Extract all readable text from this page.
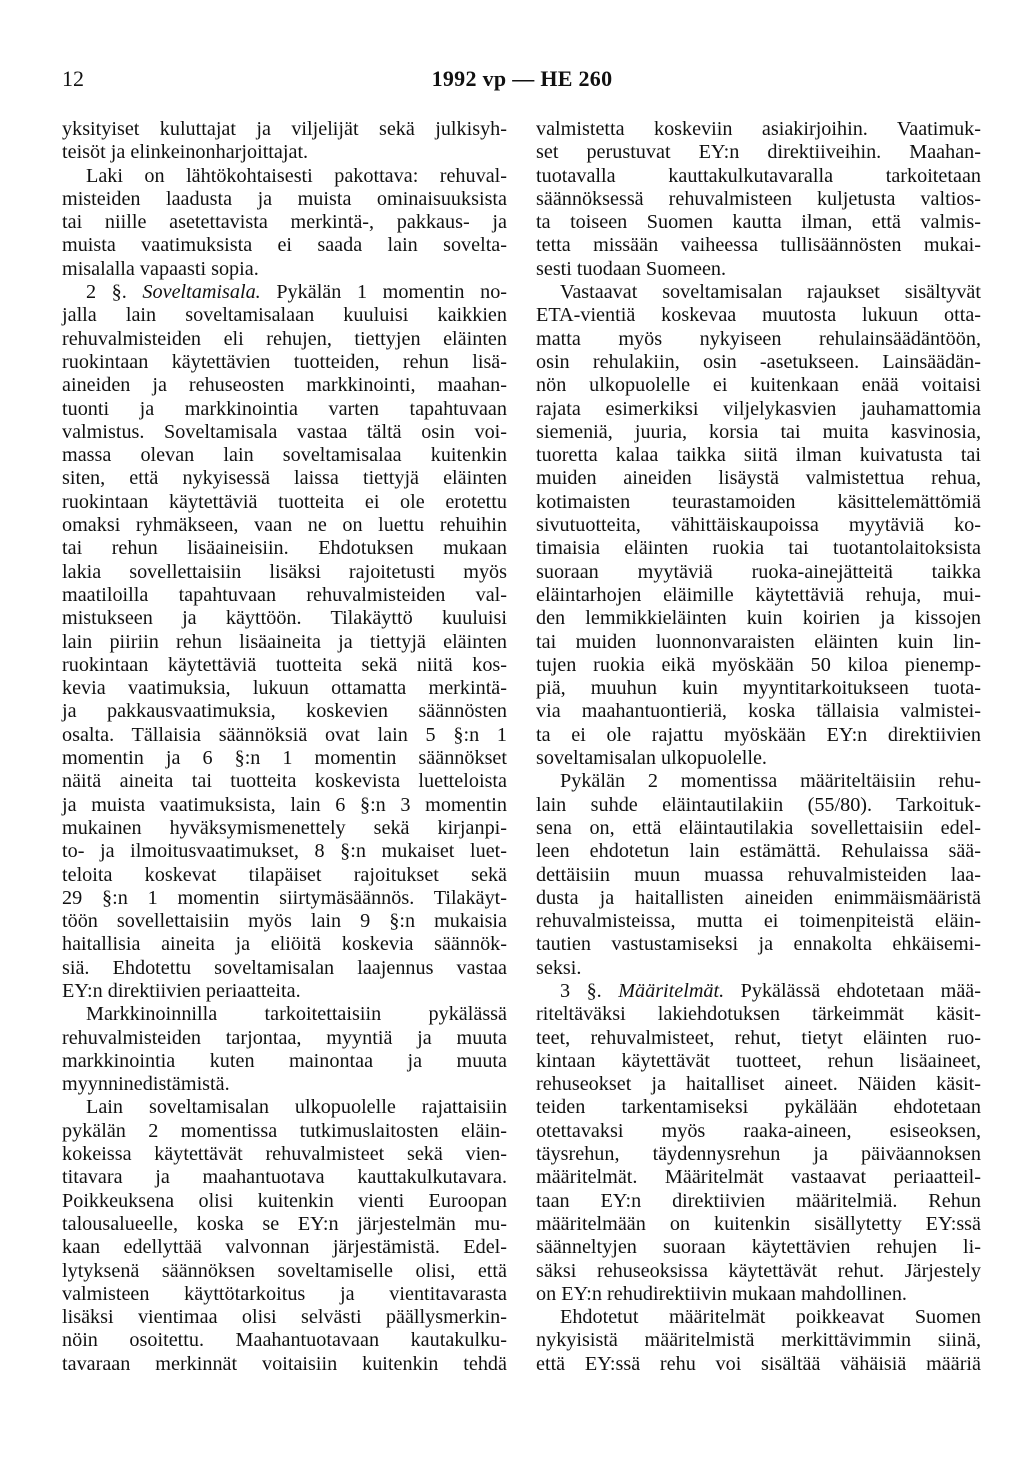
12	1992 vp — HE 260
yksityiset kuluttajat ja viljelijät sekä julkisyh-
teisöt ja elinkeinonharjoittajat.
Laki on lähtökohtaisesti pakottava: rehuval-
misteiden laadusta ja muista ominaisuuksista
tai niille asetettavista merkintä-, pakkaus- ja
muista vaatimuksista ei saada lain soveltа-
misalalla vapaasti sopia.
2 §. Soveltamisala. Pykälän 1 momentin no-
jalla lain soveltamisalaan kuuluisi kaikkien
rehuvalmisteiden eli rehujen, tiettyjen eläinten
ruokintaan käytettävien tuotteiden, rehun lisä-
aineiden ja rehuseosten markkinointi, maahan-
tuonti ja markkinointia varten tapahtuvaan
valmistus. Soveltamisala vastaa tältä osin voi-
massa olevan lain soveltamisalaa kuitenkin
siten, että nykyisessä laissa tiettyjä eläinten
ruokintaan käytettäviä tuotteita ei ole erotettu
omaksi ryhmäkseen, vaan ne on luettu rehuihin
tai rehun lisäaineisiin. Ehdotuksen mukaan
lakia sovellettaisiin lisäksi rajoitetusti myös
maatiloilla tapahtuvaan rehuvalmisteiden val-
mistukseen ja käyttöön. Tilakäyttö kuuluisi
lain piiriin rehun lisäaineita ja tiettyjä eläinten
ruokintaan käytettäviä tuotteita sekä niitä kos-
kevia vaatimuksia, lukuun ottamatta merkintä-
ja pakkausvaatimuksia, koskevien säännösten
osalta. Tällaisia säännöksiä ovat lain 5 §:n 1
momentin ja 6 §:n 1 momentin säännökset
näitä aineita tai tuotteita koskevista luetteloista
ja muista vaatimuksista, lain 6 §:n 3 momentin
mukainen hyväksymismenettely sekä kirjanpi-
to- ja ilmoitusvaatimukset, 8 §:n mukaiset luet-
teloita koskevat tilapäiset rajoitukset sekä
29 §:n 1 momentin siirtymäsäännös. Tilakäyt-
töön sovellettaisiin myös lain 9 §:n mukaisia
haitallisia aineita ja eliöitä koskevia säännök-
siä. Ehdotettu soveltamisalan laajennus vastaa
EY:n direktiivien periaatteita.
Markkinoinnilla tarkoitettaisiin pykälässä
rehuvalmisteiden tarjontaa, myyntiä ja muuta
markkinointia kuten mainontaa ja muuta
myynninedistämistä.
Lain soveltamisalan ulkopuolelle rajattaisiin
pykälän 2 momentissa tutkimuslaitosten eläin-
kokeissa käytettävät rehuvalmisteet sekä vien-
titavara ja maahantuotava kauttakulkutavara.
Poikkeuksena olisi kuitenkin vienti Euroopan
talousalueelle, koska se EY:n järjestelmän mu-
kaan edellyttää valvonnan järjestämistä. Edel-
lytyksenä säännöksen soveltamiselle olisi, että
valmisteen käyttötarkoitus ja vientitavarasta
lisäksi vientimaa olisi selvästi päällysmerkin-
nöin osoitettu. Maahantuotavaan kautakulku-
tavaraan merkinnät voitaisiin kuitenkin tehdä
valmistetta koskeviin asiakirjoihin. Vaatimuk-
set perustuvat EY:n direktiiveihin. Maahan-
tuotavalla kauttakulkutavaralla tarkoitetaan
säännöksessä rehuvalmisteen kuljetusta valtios-
ta toiseen Suomen kautta ilman, että valmis-
tetta missään vaiheessa tullisäännösten mukai-
sesti tuodaan Suomeen.
Vastaavat soveltamisalan rajaukset sisältyvät
ETA-vientiä koskevaa muutosta lukuun otta-
matta myös nykyiseen rehulainsäädäntöön,
osin rehulakiin, osin -asetukseen. Lainsäädän-
nön ulkopuolelle ei kuitenkaan enää voitaisi
rajata esimerkiksi viljelykasvien jauhamattomia
siemeniä, juuria, korsia tai muita kasvinosia,
tuoretta kalaa taikka siitä ilman kuivatusta tai
muiden aineiden lisäystä valmistettua rehua,
kotimaisten teurastamoiden käsittelemättömiä
sivutuotteita, vähittäiskaupoissa myytäviä ko-
timaisia eläinten ruokia tai tuotantolaitoksista
suoraan myytäviä ruoka-ainejätteitä taikka
eläintarhojen eläimille käytettäviä rehuja, mui-
den lemmikkieläinten kuin koirien ja kissojen
tai muiden luonnonvaraisten eläinten kuin lin-
tujen ruokia eikä myöskään 50 kiloa pienemp-
piä, muuhun kuin myyntitarkoitukseen tuota-
via maahantuontieriä, koska tällaisia valmistei-
ta ei ole rajattu myöskään EY:n direktiivien
soveltamisalan ulkopuolelle.
Pykälän 2 momentissa määriteltäisiin rehu-
lain suhde eläintautilakiin (55/80). Tarkoituk-
sena on, että eläintautilakia sovellettaisiin edel-
leen ehdotetun lain estämättä. Rehulaissa sää-
dettäisiin muun muassa rehuvalmisteiden laa-
dusta ja haitallisten aineiden enimmäismääristä
rehuvalmisteissa, mutta ei toimenpiteistä eläin-
tautien vastustamiseksi ja ennakolta ehkäisemi-
seksi.
3 §. Määritelmät. Pykälässä ehdotetaan mää-
riteltäväksi lakiehdotuksen tärkeimmät käsit-
teet, rehuvalmisteet, rehut, tietyt eläinten ruo-
kintaan käytettävät tuotteet, rehun lisäaineet,
rehuseokset ja haitalliset aineet. Näiden käsit-
teiden tarkentamiseksi pykälään ehdotetaan
otettavaksi myös raaka-aineen, esiseoksen,
täysrehun, täydennysrehun ja päiväannoksen
määritelmät. Määritelmät vastaavat periaatteil-
taan EY:n direktiivien määritelmiä. Rehun
määritelmään on kuitenkin sisällytetty EY:ssä
säänneltyjen suoraan käytettävien rehujen li-
säksi rehuseoksissa käytettävät rehut. Järjestely
on EY:n rehudirektiivin mukaan mahdollinen.
Ehdotetut määritelmät poikkeavat Suomen
nykyisistä määritelmistä merkittävimmin siinä,
että EY:ssä rehu voi sisältää vähäisiä määriä
